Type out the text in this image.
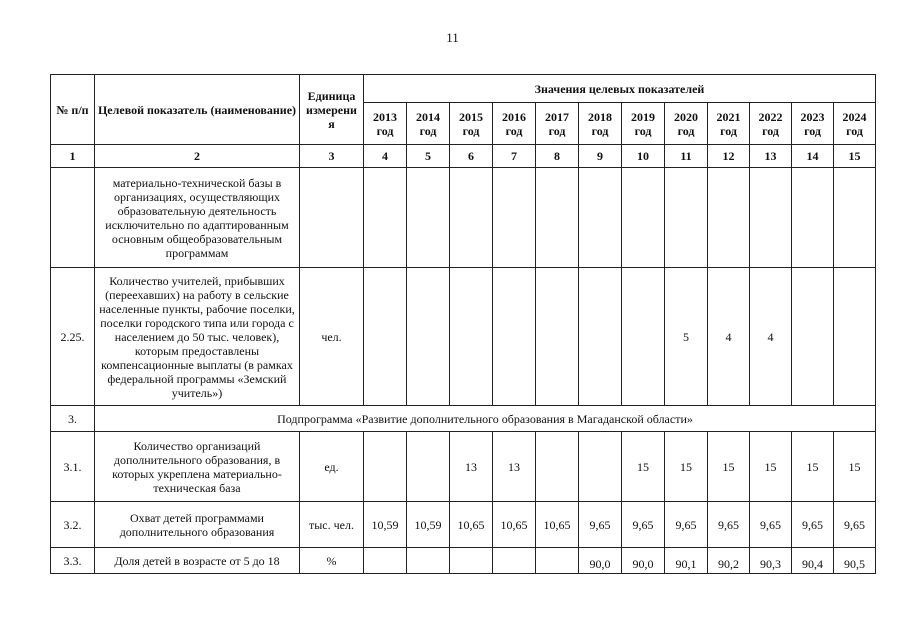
11
№ п/п	Целевой показатель (наименование)	Единица измерени я	Значения целевых показателей											
			2013 год	2014 год	2015 год	2016 год	2017 год	2018 год	2019 год	2020 год	2021 год	2022 год	2023 год	2024 год
1	2	3	4	5	6	7	8	9	10	11	12	13	14	15
	материально-технической базы в организациях, осуществляющих образовательную деятельность исключительно по адаптированным основным общеобразовательным программам													
2.25.	Количество учителей, прибывших (переехавших) на работу в сельские населенные пункты, рабочие поселки, поселки городского типа или города с населением до 50 тыс. человек), которым предоставлены компенсационные выплаты (в рамках федеральной программы «Земский учитель»)	чел.								5	4	4		
3.	Подпрограмма «Развитие дополнительного образования в Магаданской области»													
3.1.	Количество организаций дополнительного образования, в которых укреплена материально-техническая база	ед.			13	13			15	15	15	15	15	15
3.2.	Охват детей программами дополнительного образования	тыс. чел.	10,59	10,59	10,65	10,65	10,65	9,65	9,65	9,65	9,65	9,65	9,65	9,65
3.3.	Доля детей в возрасте от 5 до 18	%						90,0	90,0	90,1	90,2	90,3	90,4	90,5
